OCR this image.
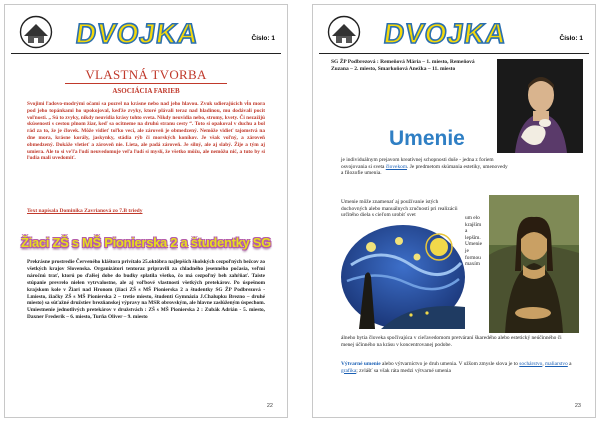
DVOJKA	Číslo: 1
VLASTNÁ TVORBA
ASOCIÁCIA FARIEB
Svojimi ľadovo-modrými očami sa pozrel na krásne nebo nad jeho hlavou. Zvuk udierajúcich vĺn mora pod jeho topánkami ho upokojoval, keďže zvyky, ktoré plávali teraz nad hladinou, mu dodávali pocit voľnosti. „ Sú to zvyky, nikdy neuvidia krásy tohto sveta. Nikdy neuvidia nebo, stromy, kvety. Či nezažijú skúsenosti s cestou plnom žiar, keď sa ocitneme na druhú stranu cesty “. Toto si opakoval v duchu a bol rád za to, že je človek. Môže vidieť toľko vecí, ale zároveň je obmedzený. Nemôže vidieť tajomstvá na dne mora, krásne korály, jaskynky, stádia rýb či morských koníkov. Je však voľný, a zároveň obmedzený. Dokáže vletieť a zároveň nie. Lieta, ale padá zároveň. Je silný, ale aj slabý. Žije a tým aj umiera. Ale to si ve'ľa ľudí neuvedomuje veľa ľudí si myslí, že všetko môžu, ale nemôžu nič, a tuto by si ľudia mali uvedomiť.
Text napísala Dominika Zavrianová zo 7.B triedy
Žiaci ZŠ s MŠ Pionierska 2 a študentky SG
Prekrásne prostredie Červeného kláštora privítalo 25.októbra najlepších školských cezpoľných bežcov zo všetkých krajov Slovenska. Organizátori tentoraz pripravili za chladného jesenného počasia, veľmi náročnú trať, ktorú po ďalšej dobe do budky splatila všetko, čo má cezpoľný beh zahŕňať. Taiste stúpanie prevrelo nielen vytrvalostne, ale aj voľbové vlastnosti všetkých pretekárov. Po úspešnom krajskom kole v Žiari nad Hronom (žiaci ZŠ s MŠ Pionierska 2 a študentky SG ŽP Podbrezová - Lmiesto, žiačky ZŠ s MŠ Pionierska 2 – tretie miesto, študenti Gymnázia J.Chalupku Brezno – druhé miesto) sa súťažné družstiev brezňanskej výpravy na MSR obrovským, ale hlavne zaslúženým úspechom. Umiestnenie jednotlivých pretekárov v družstvách : ZŠ s MŠ Pionierska 2 : Zubák Adrián - 5. miesto, Daxner Frederik – 6. miesto, Turňa Oliver – 9. miesto
22
DVOJKA	Číslo: 1
SG ŽP Podbrezová : Remeňová Mária – 1. miesto, Remeňová Zuzana – 2. miesto, Smarkoňová Anežka – 11. miesto
Umenie
je individuálnym prejavom kreatívnej schopnosti duše - jedna z foriem osvojovania si sveta človekom. Je predmetom skúmania estetiky, umenovedy a filozofie umenia.
Umenie môže znamenať aj používanie istých duchovných alebo manuálnych zručností pri realizácii určitého diela s cieľom urobiť svet	um elo krajším a lepším. Umenie je formou maxím
álneho bytia človeka spočívajúca v cieľavedomom pretváraní škaredého alebo estetický neúčinného či menej účinného na krásu v koncentrovanej podobe.
Výtvarné umenie alebo výtvarníctvo je druh umenia. V užšom zmysle slova je to sochárstvo, maliarstvo a grafika; zvlášť sa však ráta medzi výtvarné umenia
23
